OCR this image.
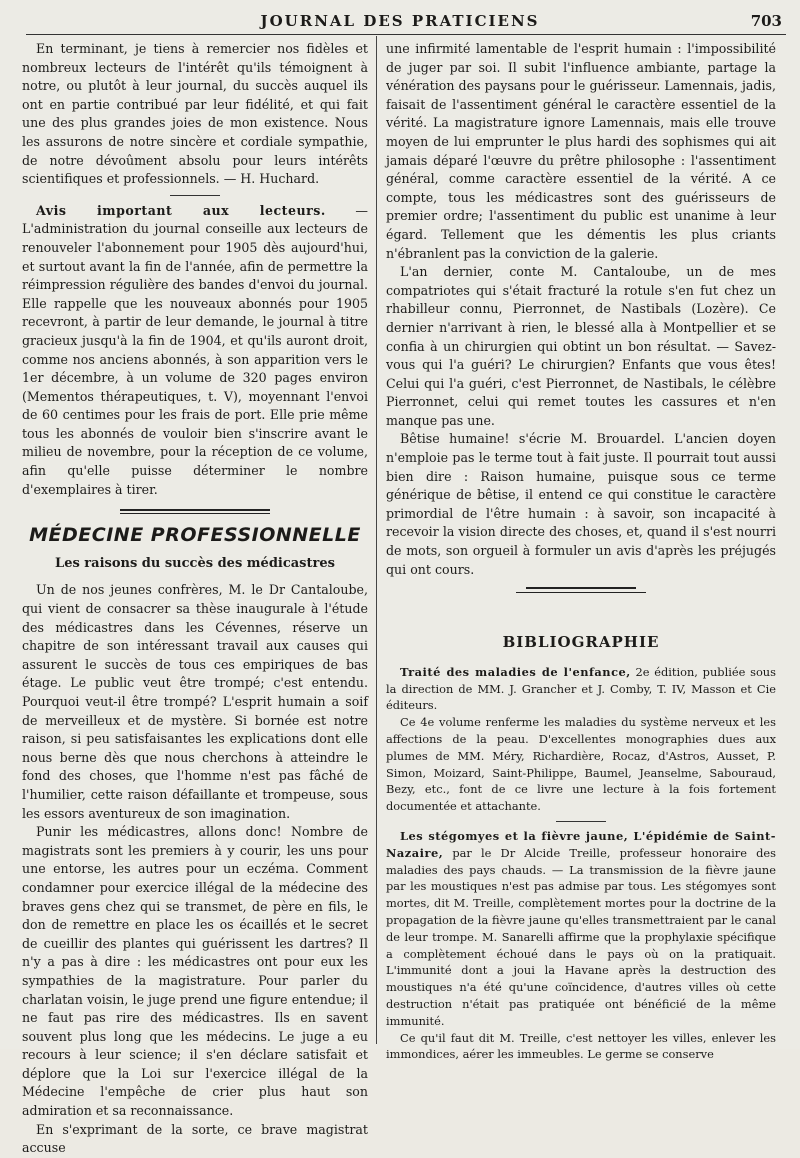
JOURNAL DES PRATICIENS	703

En terminant, je tiens à remercier nos fidèles et nombreux lecteurs de l'intérêt qu'ils témoignent à notre, ou plutôt à leur journal, du succès auquel ils ont en partie contribué par leur fidélité, et qui fait une des plus grandes joies de mon existence. Nous les assurons de notre sincère et cordiale sympathie, de notre dévoûment absolu pour leurs intérêts scientifiques et professionnels. — H. Huchard.

Avis important aux lecteurs. — L'administration du journal conseille aux lecteurs de renouveler l'abonnement pour 1905 dès aujourd'hui, et surtout avant la fin de l'année, afin de permettre la réimpression régulière des bandes d'envoi du journal. Elle rappelle que les nouveaux abonnés pour 1905 recevront, à partir de leur demande, le journal à titre gracieux jusqu'à la fin de 1904, et qu'ils auront droit, comme nos anciens abonnés, à son apparition vers le 1er décembre, à un volume de 320 pages environ (Mementos thérapeutiques, t. V), moyennant l'envoi de 60 centimes pour les frais de port. Elle prie même tous les abonnés de vouloir bien s'inscrire avant le milieu de novembre, pour la réception de ce volume, afin qu'elle puisse déterminer le nombre d'exemplaires à tirer.

MÉDECINE PROFESSIONNELLE
Les raisons du succès des médicastres

Un de nos jeunes confrères, M. le Dr Cantaloube, qui vient de consacrer sa thèse inaugurale à l'étude des médicastres dans les Cévennes, réserve un chapitre de son intéressant travail aux causes qui assurent le succès de tous ces empiriques de bas étage. Le public veut être trompé; c'est entendu. Pourquoi veut-il être trompé? L'esprit humain a soif de merveilleux et de mystère. Si bornée est notre raison, si peu satisfaisantes les explications dont elle nous berne dès que nous cherchons à atteindre le fond des choses, que l'homme n'est pas fâché de l'humilier, cette raison défaillante et trompeuse, sous les essors aventureux de son imagination.

Punir les médicastres, allons donc! Nombre de magistrats sont les premiers à y courir, les uns pour une entorse, les autres pour un eczéma. Comment condamner pour exercice illégal de la médecine des braves gens chez qui se transmet, de père en fils, le don de remettre en place les os écaillés et le secret de cueillir des plantes qui guérissent les dartres? Il n'y a pas à dire : les médicastres ont pour eux les sympathies de la magistrature. Pour parler du charlatan voisin, le juge prend une figure entendue; il ne faut pas rire des médicastres. Ils en savent souvent plus long que les médecins. Le juge a eu recours à leur science; il s'en déclare satisfait et déplore que la Loi sur l'exercice illégal de la Médecine l'empêche de crier plus haut son admiration et sa reconnaissance.

En s'exprimant de la sorte, ce brave magistrat accuse

une infirmité lamentable de l'esprit humain : l'impossibilité de juger par soi. Il subit l'influence ambiante, partage la vénération des paysans pour le guérisseur. Lamennais, jadis, faisait de l'assentiment général le caractère essentiel de la vérité. La magistrature ignore Lamennais, mais elle trouve moyen de lui emprunter le plus hardi des sophismes qui ait jamais déparé l'œuvre du prêtre philosophe : l'assentiment général, comme caractère essentiel de la vérité. A ce compte, tous les médicastres sont des guérisseurs de premier ordre; l'assentiment du public est unanime à leur égard. Tellement que les démentis les plus criants n'ébranlent pas la conviction de la galerie.

L'an dernier, conte M. Cantaloube, un de mes compatriotes qui s'était fracturé la rotule s'en fut chez un rhabilleur connu, Pierronnet, de Nastibals (Lozère). Ce dernier n'arrivant à rien, le blessé alla à Montpellier et se confia à un chirurgien qui obtint un bon résultat. — Savez-vous qui l'a guéri? Le chirurgien? Enfants que vous êtes! Celui qui l'a guéri, c'est Pierronnet, de Nastibals, le célèbre Pierronnet, celui qui remet toutes les cassures et n'en manque pas une.

Bêtise humaine! s'écrie M. Brouardel. L'ancien doyen n'emploie pas le terme tout à fait juste. Il pourrait tout aussi bien dire : Raison humaine, puisque sous ce terme générique de bêtise, il entend ce qui constitue le caractère primordial de l'être humain : à savoir, son incapacité à recevoir la vision directe des choses, et, quand il s'est nourri de mots, son orgueil à formuler un avis d'après les préjugés qui ont cours.

BIBLIOGRAPHIE

Traité des maladies de l'enfance, 2e édition, publiée sous la direction de MM. J. Grancher et J. Comby, T. IV, Masson et Cie éditeurs.

Ce 4e volume renferme les maladies du système nerveux et les affections de la peau. D'excellentes monographies dues aux plumes de MM. Méry, Richardière, Rocaz, d'Astros, Ausset, P. Simon, Moizard, Saint-Philippe, Baumel, Jeanselme, Sabouraud, Bezy, etc., font de ce livre une lecture à la fois fortement documentée et attachante.

Les stégomyes et la fièvre jaune, L'épidémie de Saint-Nazaire, par le Dr Alcide Treille, professeur honoraire des maladies des pays chauds. — La transmission de la fièvre jaune par les moustiques n'est pas admise par tous. Les stégomyes sont mortes, dit M. Treille, complètement mortes pour la doctrine de la propagation de la fièvre jaune qu'elles transmettraient par le canal de leur trompe. M. Sanarelli affirme que la prophylaxie spécifique a complètement échoué dans le pays où on la pratiquait. L'immunité dont a joui la Havane après la destruction des moustiques n'a été qu'une coïncidence, d'autres villes où cette destruction n'était pas pratiquée ont bénéficié de la même immunité.

Ce qu'il faut dit M. Treille, c'est nettoyer les villes, enlever les immondices, aérer les immeubles. Le germe se conserve
